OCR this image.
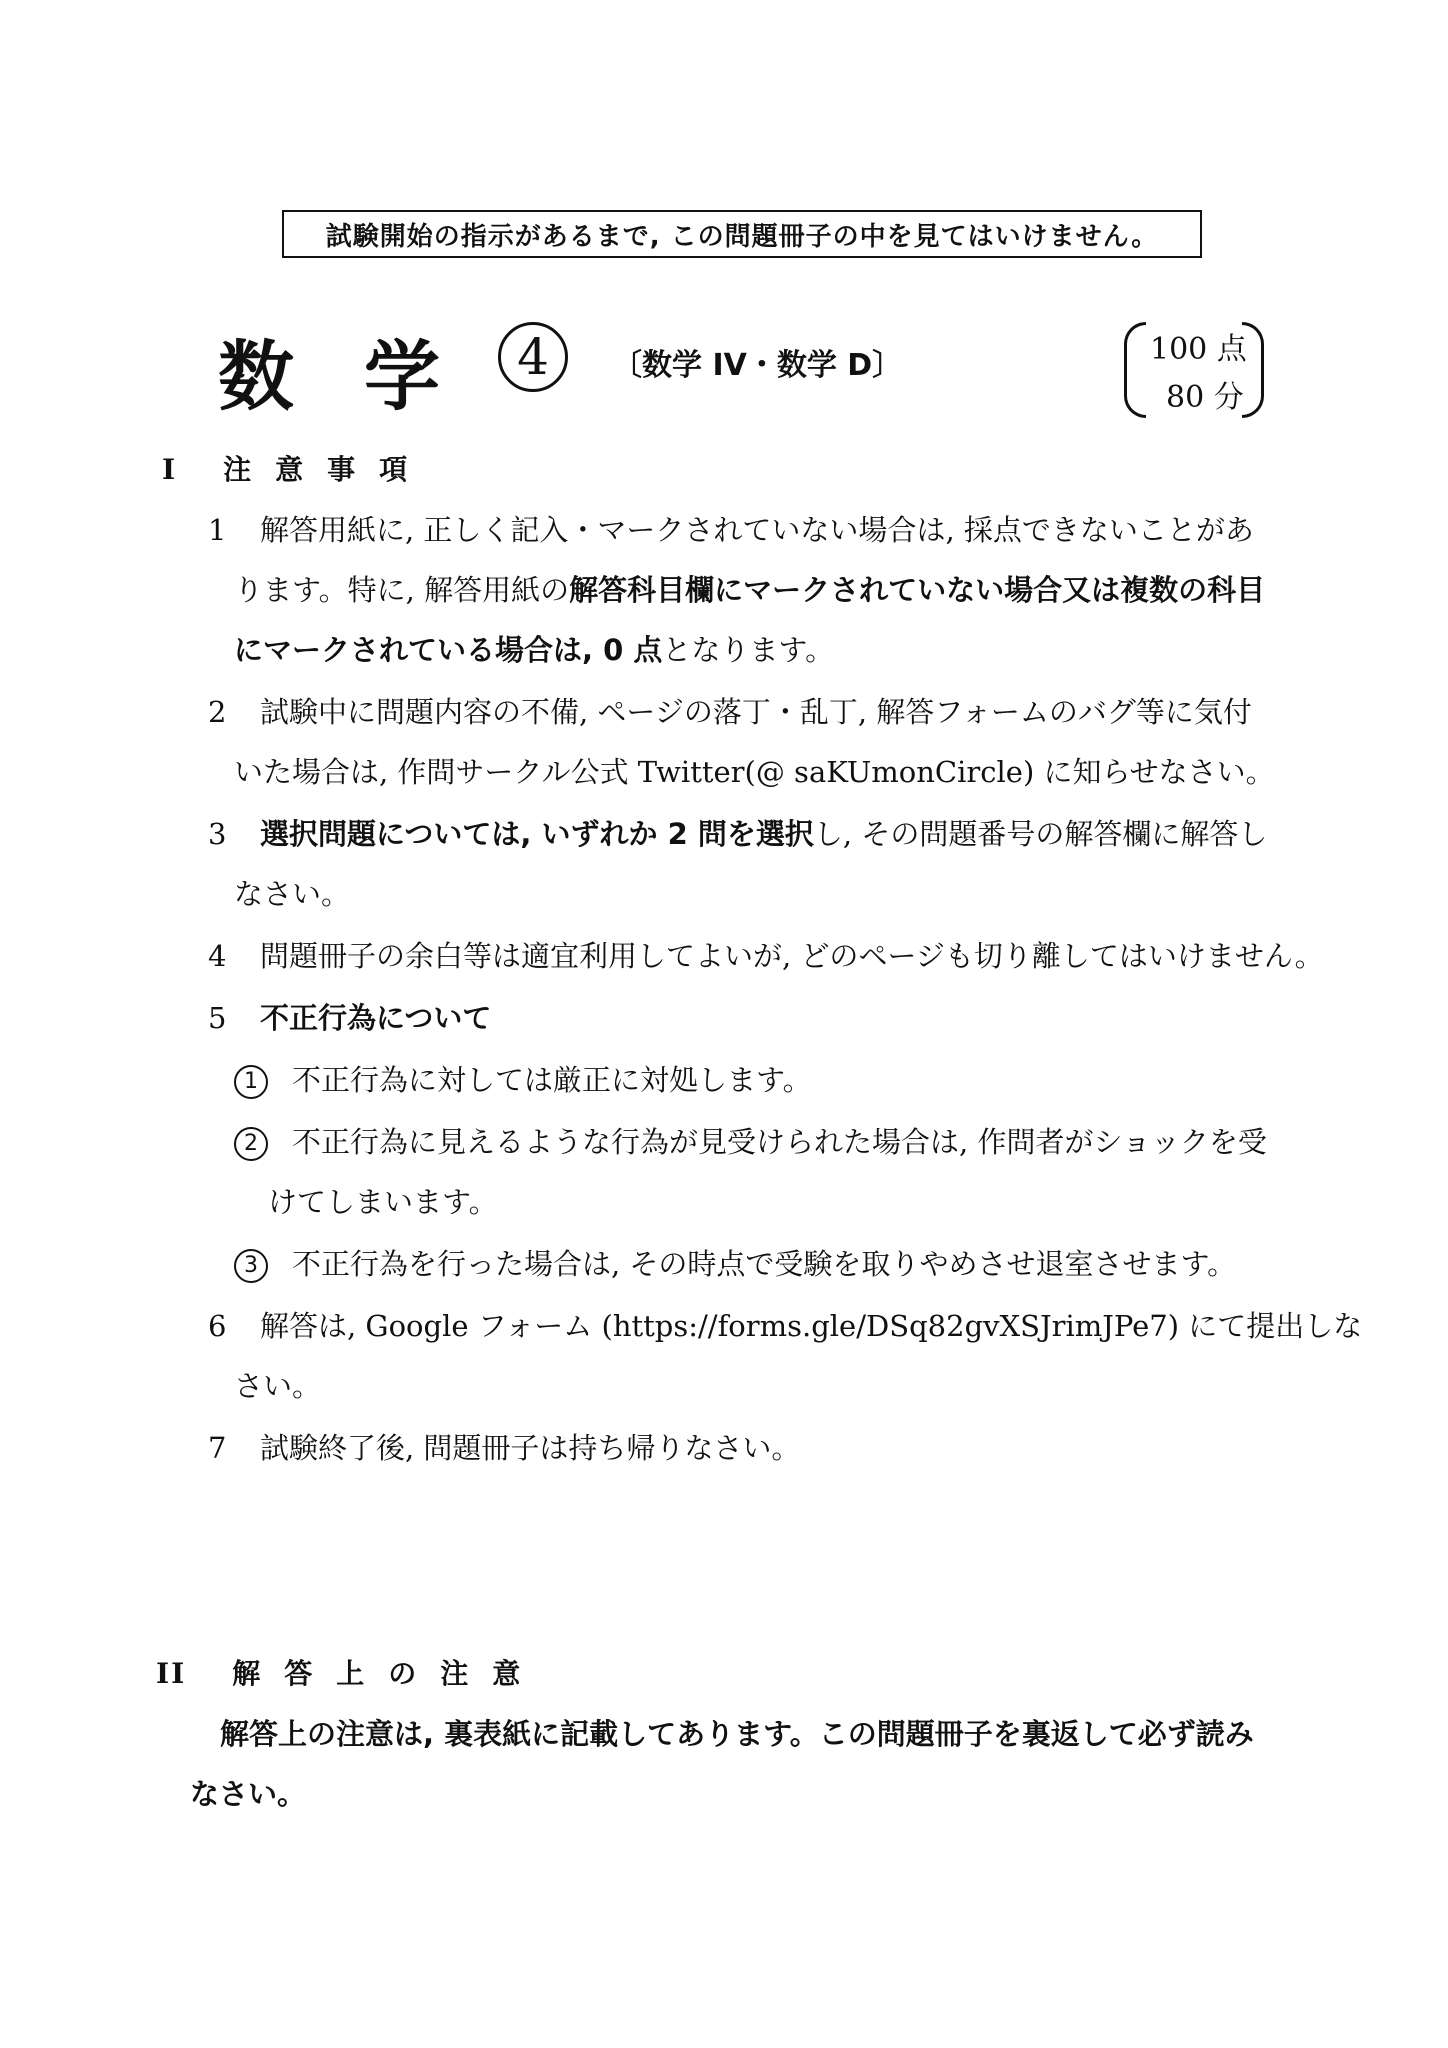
試験開始の指示があるまで, この問題冊子の中を見てはいけません。
数学 4	〔数学 IV・数学 D〕	100 点
80 分
I 注意事項
1 解答用紙に, 正しく記入・マークされていない場合は, 採点できないことがあ
ります。特に, 解答用紙の解答科目欄にマークされていない場合又は複数の科目
にマークされている場合は, 0 点となります。
2 試験中に問題内容の不備, ページの落丁・乱丁, 解答フォームのバグ等に気付
いた場合は, 作問サークル公式 Twitter(@ saKUmonCircle) に知らせなさい。
3 選択問題については, いずれか 2 問を選択し, その問題番号の解答欄に解答し
なさい。
4 問題冊子の余白等は適宜利用してよいが, どのページも切り離してはいけません。
5 不正行為について
1 不正行為に対しては厳正に対処します。
2 不正行為に見えるような行為が見受けられた場合は, 作問者がショックを受
けてしまいます。
3 不正行為を行った場合は, その時点で受験を取りやめさせ退室させます。
6 解答は, Google フォーム (https://forms.gle/DSq82gvXSJrimJPe7) にて提出しな
さい。
7 試験終了後, 問題冊子は持ち帰りなさい。
II 解答上の注意
解答上の注意は, 裏表紙に記載してあります。この問題冊子を裏返して必ず読み
なさい。
